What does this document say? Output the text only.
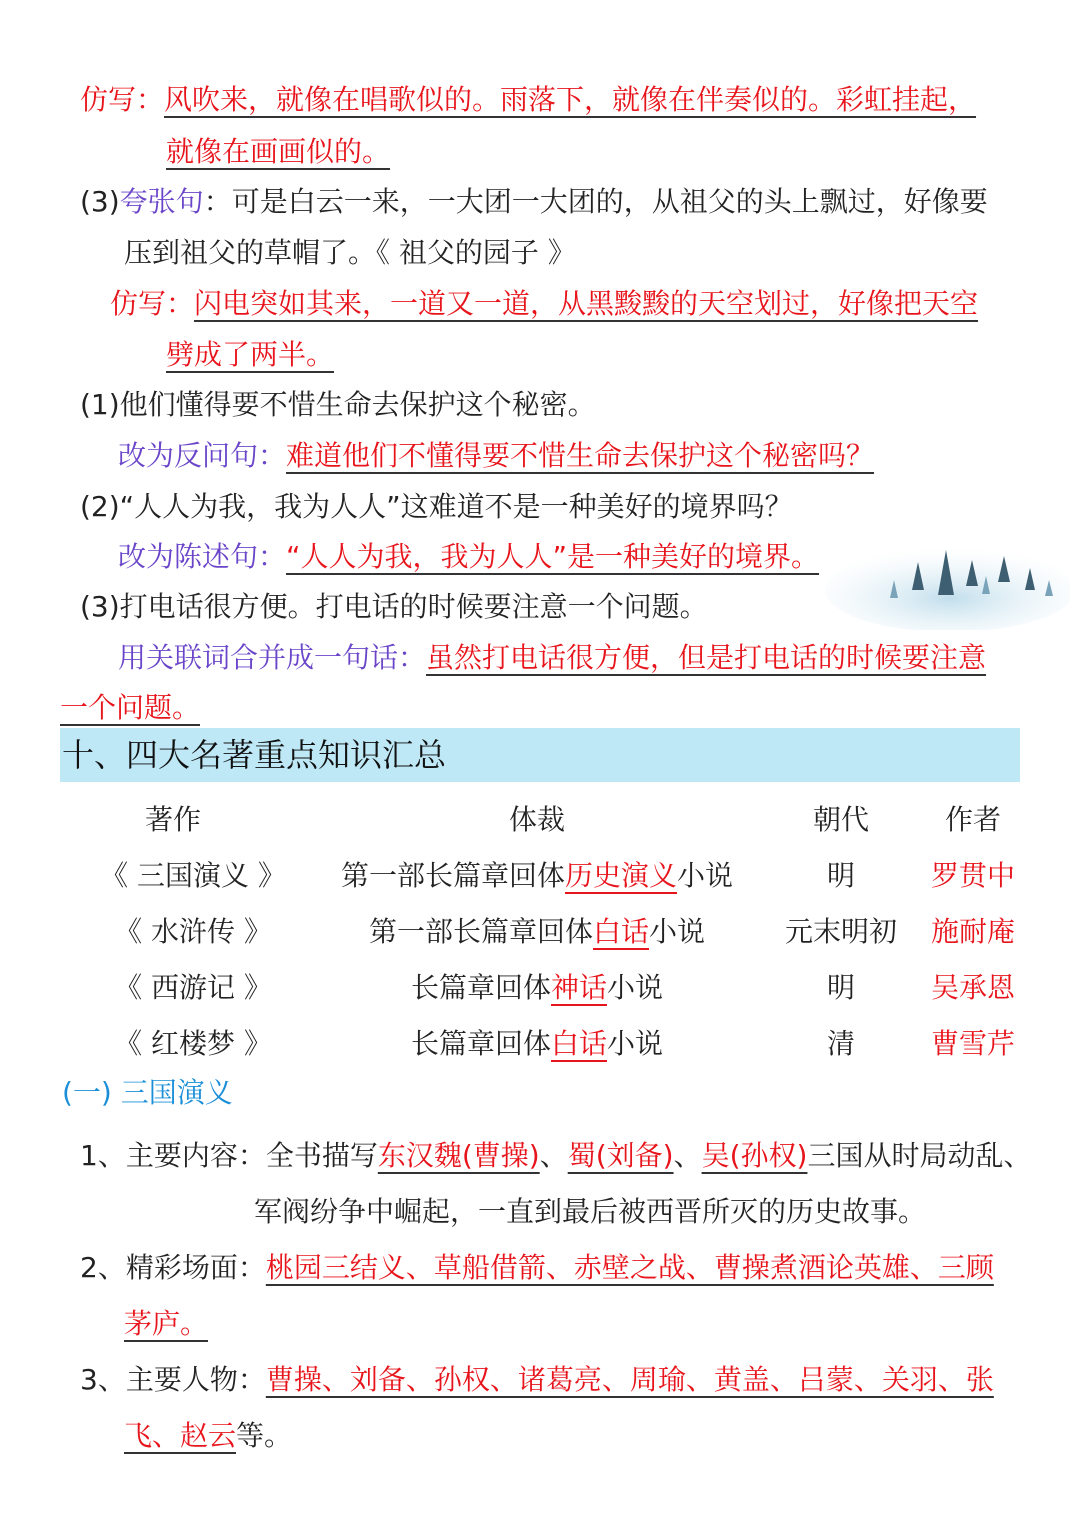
仿写：风吹来，就像在唱歌似的。雨落下，就像在伴奏似的。彩虹挂起，
就像在画画似的。
(3)夸张句：可是白云一来，一大团一大团的，从祖父的头上飘过，好像要
压到祖父的草帽了。《 祖父的园子 》
仿写：闪电突如其来，一道又一道，从黑黢黢的天空划过，好像把天空
劈成了两半。
(1)他们懂得要不惜生命去保护这个秘密。
改为反问句：难道他们不懂得要不惜生命去保护这个秘密吗？
(2)“人人为我，我为人人”这难道不是一种美好的境界吗？
改为陈述句：“人人为我，我为人人”是一种美好的境界。
(3)打电话很方便。打电话的时候要注意一个问题。
用关联词合并成一句话：虽然打电话很方便，但是打电话的时候要注意
一个问题。
十、四大名著重点知识汇总
著作	体裁	朝代	作者
《 三国演义 》 第一部长篇章回体历史演义小说	明	罗贯中
《 水浒传 》	第一部长篇章回体白话小说	元末明初 施耐庵
《 西游记 》	长篇章回体神话小说	明	吴承恩
《 红楼梦 》	长篇章回体白话小说	清	曹雪芹
(一) 三国演义
1、主要内容：全书描写东汉魏(曹操)、蜀(刘备)、吴(孙权)三国从时局动乱、
军阀纷争中崛起，一直到最后被西晋所灭的历史故事。
2、精彩场面：桃园三结义、草船借箭、赤壁之战、曹操煮酒论英雄、三顾
茅庐。
3、主要人物：曹操、刘备、孙权、诸葛亮、周瑜、黄盖、吕蒙、关羽、张
飞、赵云等。
